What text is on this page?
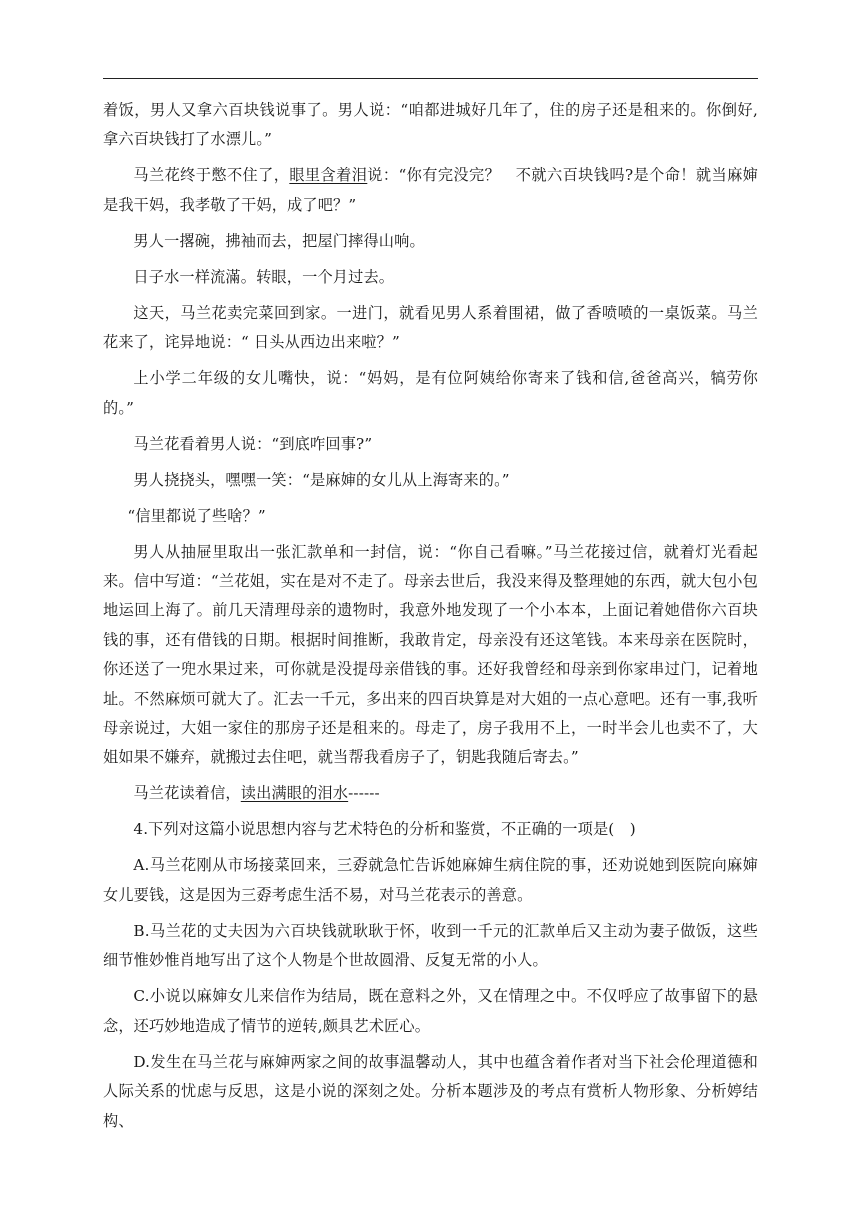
着饭，男人又拿六百块钱说事了。男人说：“咱都进城好几年了，住的房子还是租来的。你倒好,拿六百块钱打了水漂儿。”

马兰花终于憋不住了，眼里含着泪说：“你有完没完？　不就六百块钱吗?是个命！就当麻婶是我干妈，我孝敬了干妈，成了吧？”

男人一撂碗，拂袖而去，把屋门摔得山响。

日子水一样流滿。转眼，一个月过去。

这天，马兰花卖完菜回到家。一进门，就看见男人系着围裙，做了香喷喷的一桌饭菜。马兰花来了，诧异地说：“ 日头从西边出来啦？”

上小学二年级的女儿嘴快，说：“妈妈，是有位阿姨给你寄来了钱和信,爸爸高兴，犒劳你的。”

马兰花看着男人说：“到底咋回事?”

男人挠挠头，嘿嘿一笑：“是麻婶的女儿从上海寄来的。”

“信里都说了些啥？”

男人从抽屉里取出一张汇款单和一封信，说：“你自己看嘛。”马兰花接过信，就着灯光看起来。信中写道：“兰花姐，实在是对不走了。母亲去世后，我没来得及整理她的东西，就大包小包地运回上海了。前几天清理母亲的遗物时，我意外地发现了一个小本本，上面记着她借你六百块钱的事，还有借钱的日期。根据时间推断，我敢肯定，母亲没有还这笔钱。本来母亲在医院时，你还送了一兜水果过来，可你就是没提母亲借钱的事。还好我曾经和母亲到你家串过门，记着地址。不然麻烦可就大了。汇去一千元，多出来的四百块算是对大姐的一点心意吧。还有一事,我听母亲说过，大姐一家住的那房子还是租来的。母走了，房子我用不上，一时半会儿也卖不了，大姐如果不嫌弃，就搬过去住吧，就当帮我看房子了，钥匙我随后寄去。”

马兰花读着信，读出满眼的泪水------

4.下列对这篇小说思想内容与艺术特色的分析和鉴赏，不正确的一项是(　)

A.马兰花刚从市场接菜回来，三孬就急忙告诉她麻婶生病住院的事，还劝说她到医院向麻婶女儿要钱，这是因为三孬考虑生活不易，对马兰花表示的善意。

B.马兰花的丈夫因为六百块钱就耿耿于怀，收到一千元的汇款单后又主动为妻子做饭，这些细节惟妙惟肖地写出了这个人物是个世故圆滑、反复无常的小人。

C.小说以麻婶女儿来信作为结局，既在意料之外，又在情理之中。不仅呼应了故事留下的悬念，还巧妙地造成了情节的逆转,颇具艺术匠心。

D.发生在马兰花与麻婶两家之间的故事温馨动人，其中也蕴含着作者对当下社会伦理道德和人际关系的忧虑与反思，这是小说的深刻之处。分析本题涉及的考点有赏析人物形象、分析婷结构、
